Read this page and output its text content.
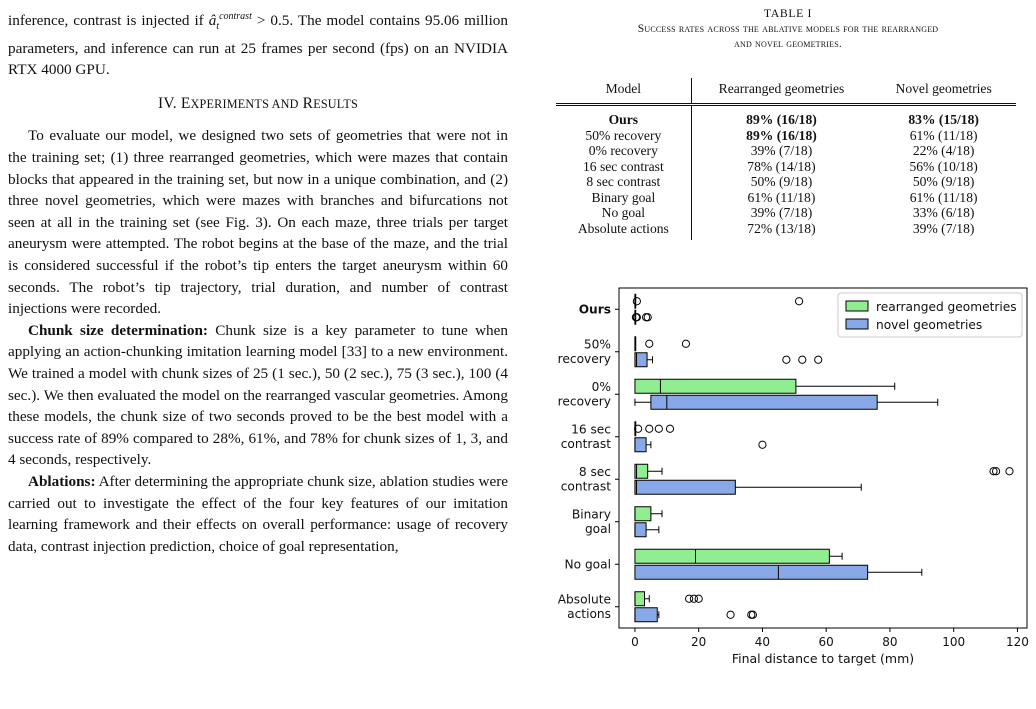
inference, contrast is injected if $â_t^{contrast} > 0.5$. The model contains 95.06 million parameters, and inference can run at 25 frames per second (fps) on an NVIDIA RTX 4000 GPU.

IV. EXPERIMENTS AND RESULTS

To evaluate our model, we designed two sets of geometries that were not in the training set; (1) three rearranged geometries, which were mazes that contain blocks that appeared in the training set, but now in a unique combination, and (2) three novel geometries, which were mazes with branches and bifurcations not seen at all in the training set (see Fig. 3). On each maze, three trials per target aneurysm were attempted. The robot begins at the base of the maze, and the trial is considered successful if the robot’s tip enters the target aneurysm within 60 seconds. The robot’s tip trajectory, trial duration, and number of contrast injections were recorded.

Chunk size determination: Chunk size is a key parameter to tune when applying an action-chunking imitation learning model [33] to a new environment. We trained a model with chunk sizes of 25 (1 sec.), 50 (2 sec.), 75 (3 sec.), 100 (4 sec.). We then evaluated the model on the rearranged vascular geometries. Among these models, the chunk size of two seconds proved to be the best model with a success rate of 89% compared to 28%, 61%, and 78% for chunk sizes of 1, 3, and 4 seconds, respectively.

Ablations: After determining the appropriate chunk size, ablation studies were carried out to investigate the effect of the four key features of our imitation learning framework and their effects on overall performance: usage of recovery data, contrast injection prediction, choice of goal representation,

TABLE I
Success rates across the ablative models for the rearranged
and novel geometries.
Model	Rearranged geometries	Novel geometries
Ours	89% (16/18)	83% (15/18)
50% recovery	89% (16/18)	61% (11/18)
0% recovery	39% (7/18)	22% (4/18)
16 sec contrast	78% (14/18)	56% (10/18)
8 sec contrast	50% (9/18)	50% (9/18)
Binary goal	61% (11/18)	61% (11/18)
No goal	39% (7/18)	33% (6/18)
Absolute actions	72% (13/18)	39% (7/18)
0	20	40	60	80	100	120
Final distance to target (mm)
Ours
50%
recovery
0%
recovery
16 sec
contrast
8 sec
contrast
Binary
goal
No goal
Absolute
actions
rearranged geometries
novel geometries
